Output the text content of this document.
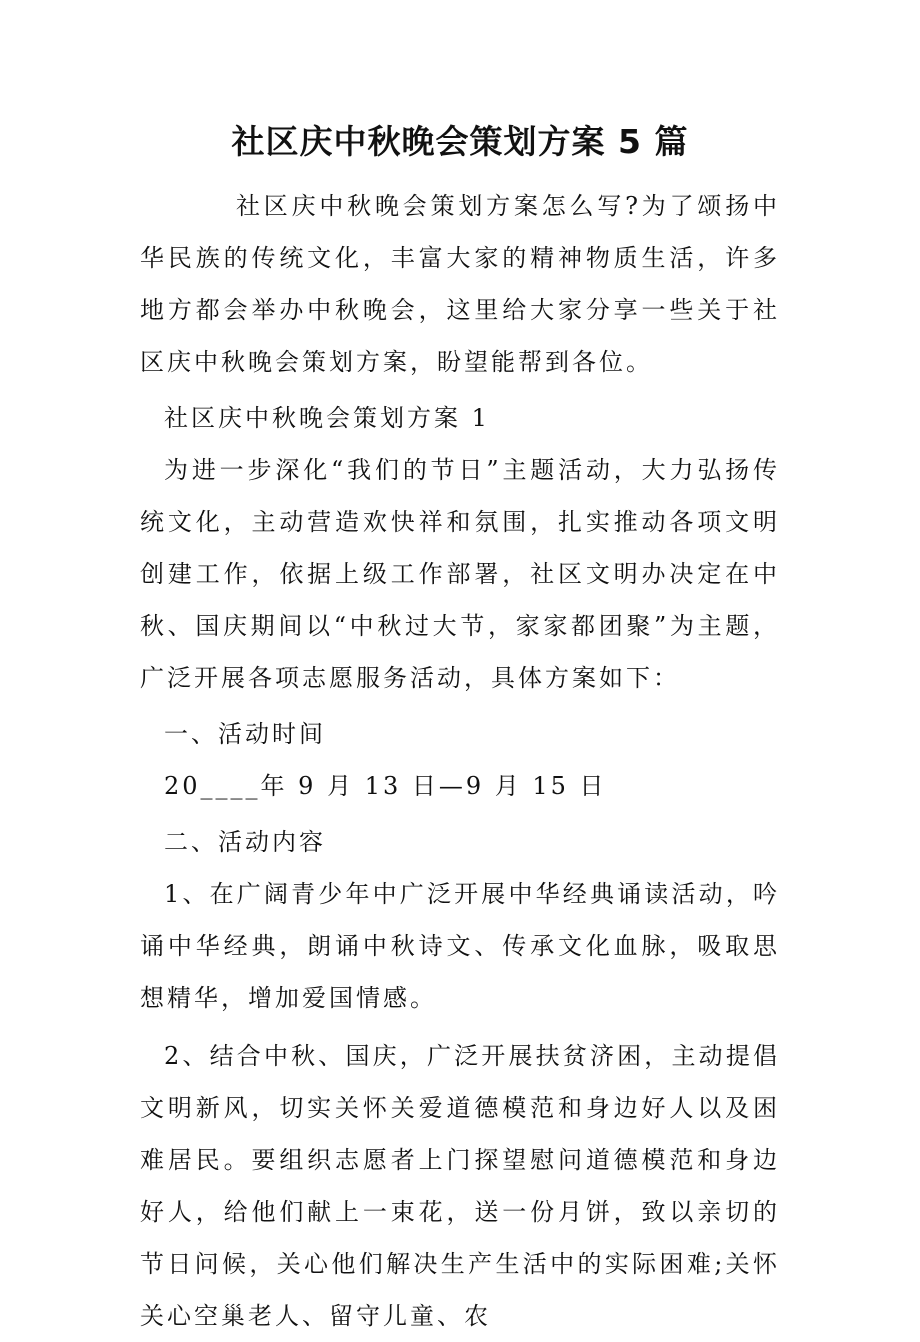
社区庆中秋晚会策划方案 5 篇

社区庆中秋晚会策划方案怎么写?为了颂扬中华民族的传统文化，丰富大家的精神物质生活，许多地方都会举办中秋晚会，这里给大家分享一些关于社区庆中秋晚会策划方案，盼望能帮到各位。

社区庆中秋晚会策划方案 1

为进一步深化“我们的节日”主题活动，大力弘扬传统文化，主动营造欢快祥和氛围，扎实推动各项文明创建工作，依据上级工作部署，社区文明办决定在中秋、国庆期间以“中秋过大节，家家都团聚”为主题，广泛开展各项志愿服务活动，具体方案如下：

一、活动时间

20____年 9 月 13 日—9 月 15 日

二、活动内容

1、在广阔青少年中广泛开展中华经典诵读活动，吟诵中华经典，朗诵中秋诗文、传承文化血脉，吸取思想精华，增加爱国情感。

2、结合中秋、国庆，广泛开展扶贫济困，主动提倡文明新风，切实关怀关爱道德模范和身边好人以及困难居民。要组织志愿者上门探望慰问道德模范和身边好人，给他们献上一束花，送一份月饼，致以亲切的节日问候，关心他们解决生产生活中的实际困难;关怀关心空巢老人、留守儿童、农
